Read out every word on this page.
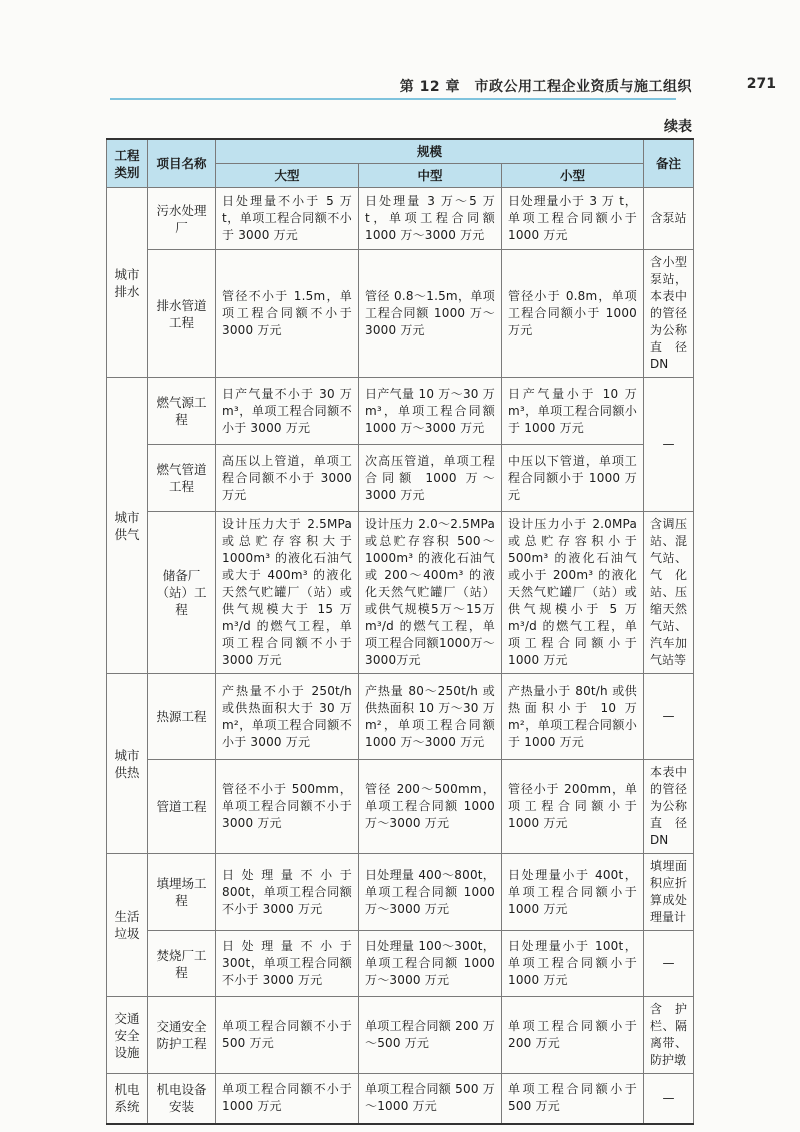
第 12 章　市政公用工程企业资质与施工组织	271
续表
工程类别	项目名称	规模			备注
		大型	中型	小型	
城市排水	污水处理厂	日处理量不小于 5 万 t，单项工程合同额不小于 3000 万元	日处理量 3 万～5 万 t，单项工程合同额 1000 万～3000 万元	日处理量小于 3 万 t，单项工程合同额小于 1000 万元	含泵站
	排水管道工程	管径不小于 1.5m，单项工程合同额不小于 3000 万元	管径 0.8～1.5m，单项工程合同额 1000 万～3000 万元	管径小于 0.8m，单项工程合同额小于 1000 万元	含小型泵站，本表中的管径为公称直径 DN
城市供气	燃气源工程	日产气量不小于 30 万 m³，单项工程合同额不小于 3000 万元	日产气量 10 万～30 万 m³，单项工程合同额 1000 万～3000 万元	日产气量小于 10 万 m³，单项工程合同额小于 1000 万元	—
	燃气管道工程	高压以上管道，单项工程合同额不小于 3000 万元	次高压管道，单项工程合同额 1000 万～3000 万元	中压以下管道，单项工程合同额小于 1000 万元	
	储备厂（站）工程	设计压力大于 2.5MPa 或总贮存容积大于 1000m³ 的液化石油气或大于 400m³ 的液化天然气贮罐厂（站）或供气规模大于 15 万 m³/d 的燃气工程，单项工程合同额不小于 3000 万元	设计压力 2.0～2.5MPa 或总贮存容积 500～1000m³ 的液化石油气或 200～400m³ 的液化天然气贮罐厂（站）或供气规模5万～15万 m³/d 的燃气工程，单项工程合同额1000万～3000万元	设计压力小于 2.0MPa 或总贮存容积小于 500m³ 的液化石油气或小于 200m³ 的液化天然气贮罐厂（站）或供气规模小于 5 万 m³/d 的燃气工程，单项工程合同额小于 1000 万元	含调压站、混气站、气化站、压缩天然气站、汽车加气站等
城市供热	热源工程	产热量不小于 250t/h 或供热面积大于 30 万 m²，单项工程合同额不小于 3000 万元	产热量 80～250t/h 或供热面积 10 万～30 万 m²，单项工程合同额 1000 万～3000 万元	产热量小于 80t/h 或供热面积小于 10 万 m²，单项工程合同额小于 1000 万元	—
	管道工程	管径不小于 500mm，单项工程合同额不小于 3000 万元	管径 200～500mm，单项工程合同额 1000 万～3000 万元	管径小于 200mm，单项工程合同额小于 1000 万元	本表中的管径为公称直径 DN
生活垃圾	填埋场工程	日处理量不小于 800t，单项工程合同额不小于 3000 万元	日处理量 400～800t，单项工程合同额 1000 万～3000 万元	日处理量小于 400t，单项工程合同额小于 1000 万元	填埋面积应折算成处理量计
	焚烧厂工程	日处理量不小于 300t，单项工程合同额不小于 3000 万元	日处理量 100～300t，单项工程合同额 1000 万～3000 万元	日处理量小于 100t，单项工程合同额小于 1000 万元	—
交通安全设施	交通安全防护工程	单项工程合同额不小于 500 万元	单项工程合同额 200 万～500 万元	单项工程合同额小于 200 万元	含护栏、隔离带、防护墩
机电系统	机电设备安装	单项工程合同额不小于 1000 万元	单项工程合同额 500 万～1000 万元	单项工程合同额小于 500 万元	—
